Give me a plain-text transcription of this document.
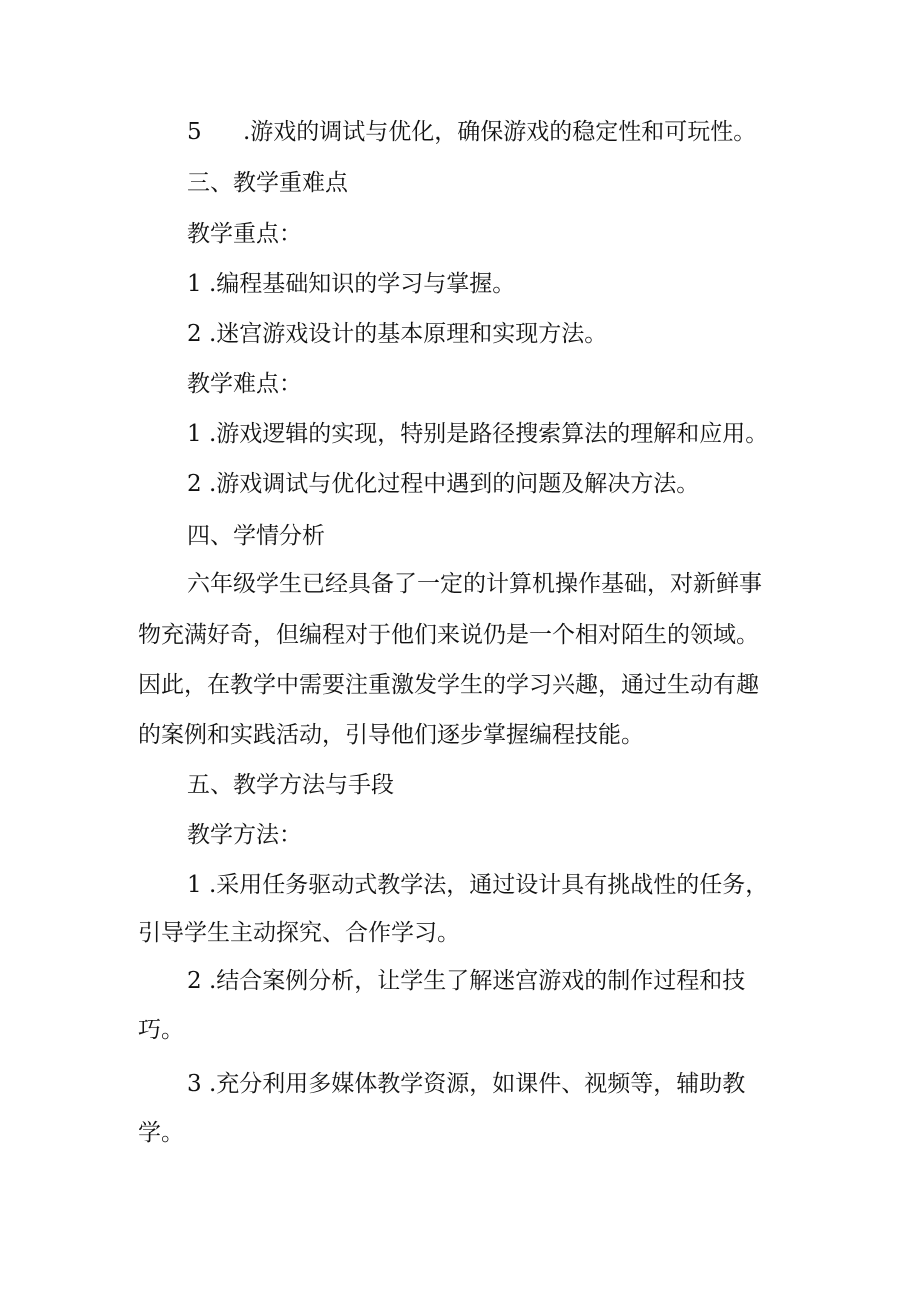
5 .游戏的调试与优化，确保游戏的稳定性和可玩性。
三、教学重难点
教学重点：
1 .编程基础知识的学习与掌握。
2 .迷宫游戏设计的基本原理和实现方法。
教学难点：
1 .游戏逻辑的实现，特别是路径搜索算法的理解和应用。
2 .游戏调试与优化过程中遇到的问题及解决方法。
四、学情分析
六年级学生已经具备了一定的计算机操作基础，对新鲜事
物充满好奇，但编程对于他们来说仍是一个相对陌生的领域。
因此，在教学中需要注重激发学生的学习兴趣，通过生动有趣
的案例和实践活动，引导他们逐步掌握编程技能。
五、教学方法与手段
教学方法：
1 .采用任务驱动式教学法，通过设计具有挑战性的任务，
引导学生主动探究、合作学习。
2 .结合案例分析，让学生了解迷宫游戏的制作过程和技
巧。
3 .充分利用多媒体教学资源，如课件、视频等，辅助教
学。
